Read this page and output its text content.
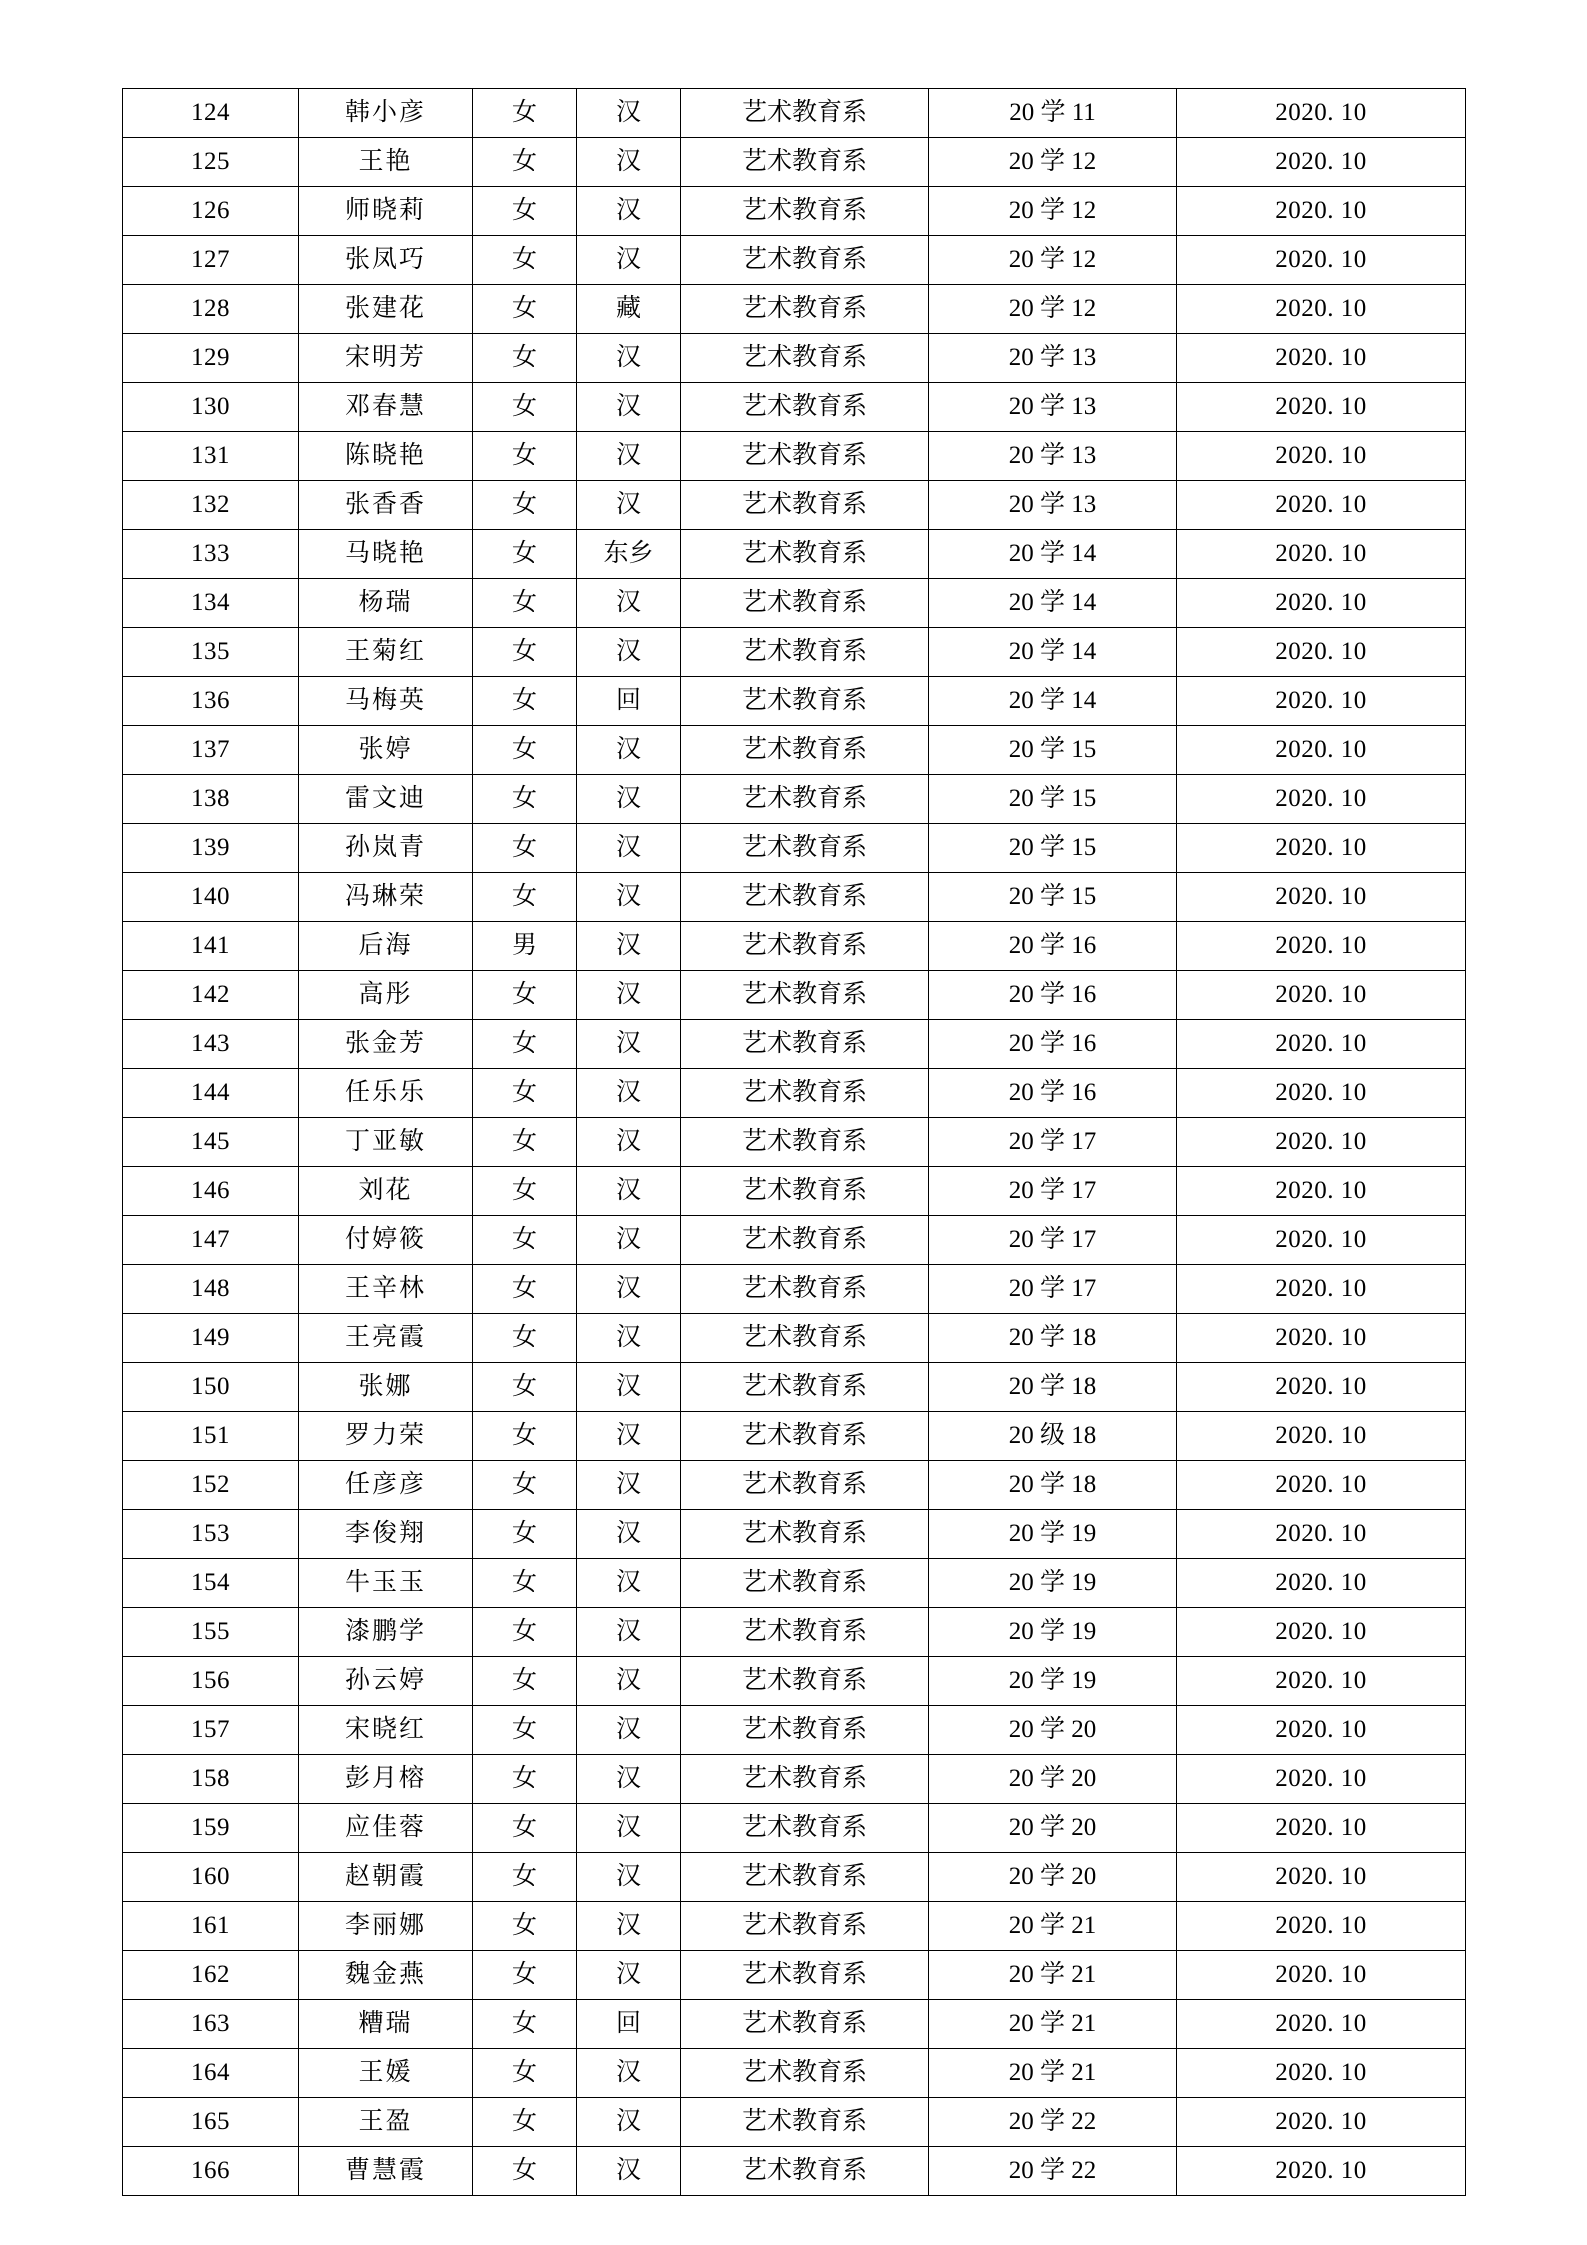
124	韩小彦	女	汉	艺术教育系	20 学 11	2020. 10
125	王艳	女	汉	艺术教育系	20 学 12	2020. 10
126	师晓莉	女	汉	艺术教育系	20 学 12	2020. 10
127	张凤巧	女	汉	艺术教育系	20 学 12	2020. 10
128	张建花	女	藏	艺术教育系	20 学 12	2020. 10
129	宋明芳	女	汉	艺术教育系	20 学 13	2020. 10
130	邓春慧	女	汉	艺术教育系	20 学 13	2020. 10
131	陈晓艳	女	汉	艺术教育系	20 学 13	2020. 10
132	张香香	女	汉	艺术教育系	20 学 13	2020. 10
133	马晓艳	女	东乡	艺术教育系	20 学 14	2020. 10
134	杨瑞	女	汉	艺术教育系	20 学 14	2020. 10
135	王菊红	女	汉	艺术教育系	20 学 14	2020. 10
136	马梅英	女	回	艺术教育系	20 学 14	2020. 10
137	张婷	女	汉	艺术教育系	20 学 15	2020. 10
138	雷文迪	女	汉	艺术教育系	20 学 15	2020. 10
139	孙岚青	女	汉	艺术教育系	20 学 15	2020. 10
140	冯琳荣	女	汉	艺术教育系	20 学 15	2020. 10
141	后海	男	汉	艺术教育系	20 学 16	2020. 10
142	高彤	女	汉	艺术教育系	20 学 16	2020. 10
143	张金芳	女	汉	艺术教育系	20 学 16	2020. 10
144	任乐乐	女	汉	艺术教育系	20 学 16	2020. 10
145	丁亚敏	女	汉	艺术教育系	20 学 17	2020. 10
146	刘花	女	汉	艺术教育系	20 学 17	2020. 10
147	付婷筱	女	汉	艺术教育系	20 学 17	2020. 10
148	王辛林	女	汉	艺术教育系	20 学 17	2020. 10
149	王亮霞	女	汉	艺术教育系	20 学 18	2020. 10
150	张娜	女	汉	艺术教育系	20 学 18	2020. 10
151	罗力荣	女	汉	艺术教育系	20 级 18	2020. 10
152	任彦彦	女	汉	艺术教育系	20 学 18	2020. 10
153	李俊翔	女	汉	艺术教育系	20 学 19	2020. 10
154	牛玉玉	女	汉	艺术教育系	20 学 19	2020. 10
155	漆鹏学	女	汉	艺术教育系	20 学 19	2020. 10
156	孙云婷	女	汉	艺术教育系	20 学 19	2020. 10
157	宋晓红	女	汉	艺术教育系	20 学 20	2020. 10
158	彭月榕	女	汉	艺术教育系	20 学 20	2020. 10
159	应佳蓉	女	汉	艺术教育系	20 学 20	2020. 10
160	赵朝霞	女	汉	艺术教育系	20 学 20	2020. 10
161	李丽娜	女	汉	艺术教育系	20 学 21	2020. 10
162	魏金燕	女	汉	艺术教育系	20 学 21	2020. 10
163	糟瑞	女	回	艺术教育系	20 学 21	2020. 10
164	王媛	女	汉	艺术教育系	20 学 21	2020. 10
165	王盈	女	汉	艺术教育系	20 学 22	2020. 10
166	曹慧霞	女	汉	艺术教育系	20 学 22	2020. 10
